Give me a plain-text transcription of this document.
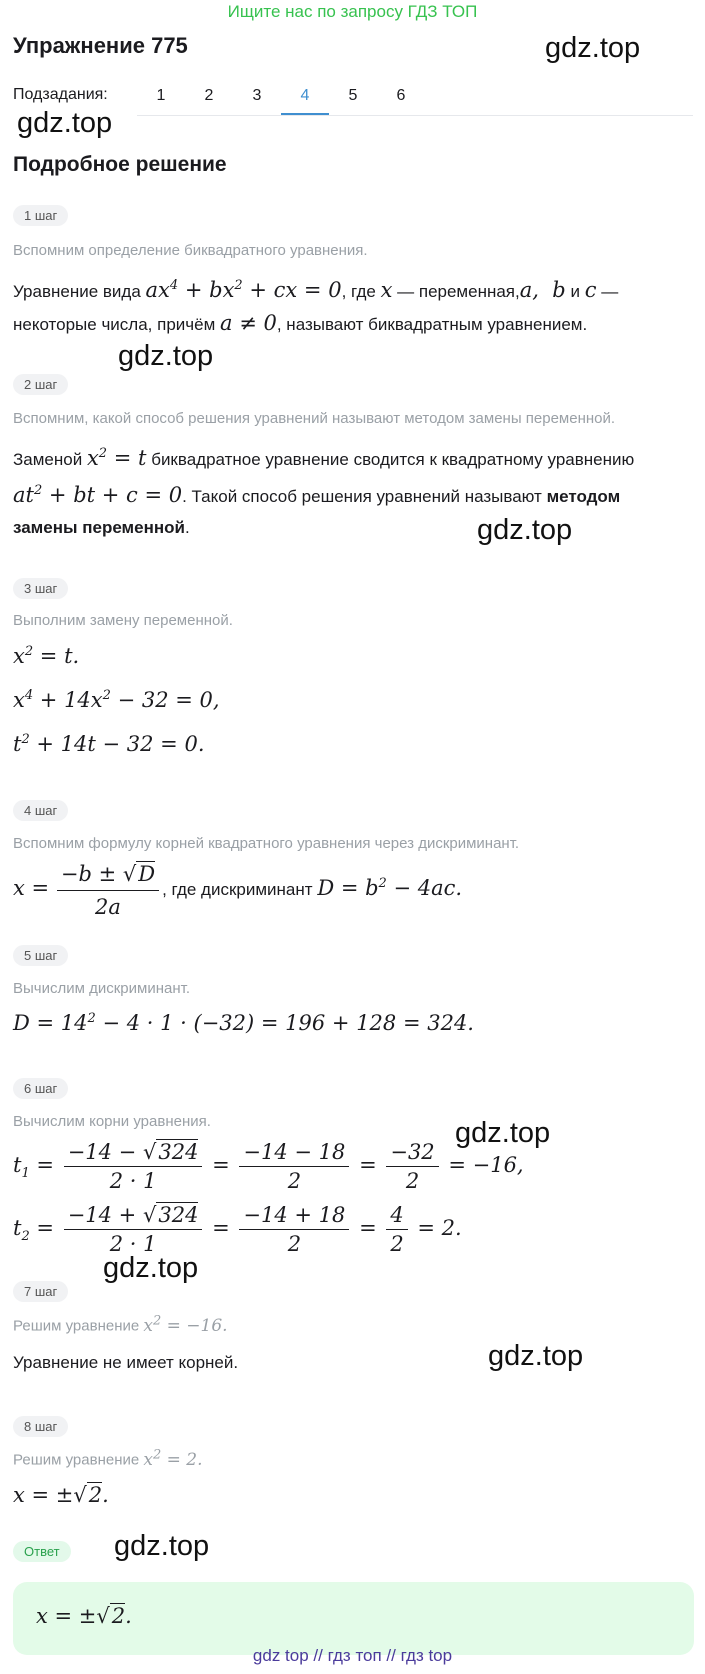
Ищите нас по запросу ГДЗ ТОП
Упражнение 775	gdz.top
Подзадания:	1	2	3	4	5	6
gdz.top
Подробное решение
1 шаг
Вспомним определение биквадратного уравнения.
Уравнение вида $ax^4 + bx^2$ + cx = 0, где x — переменная,a,  b и c —
некоторые числа, причём a ≠ 0, называют биквадратным уравнением.
gdz.top
2 шаг
Вспомним, какой способ решения уравнений называют методом замены переменной.
Заменой $x^2 = t$ биквадратное уравнение сводится к квадратному уравнению
$at^2$ + bt + c = 0. Такой способ решения уравнений называют методом
замены переменной.	gdz.top
3 шаг
Выполним замену переменной.
$x^2 = t$.
$x^4 + 14x^2 - 32 = 0$,
$t^2 + 14t - 32 = 0$.
4 шаг
Вспомним формулу корней квадратного уравнения через дискриминант.
$x = \frac{-b \pm √D}{2a}$ , где дискриминант $D = b^2 - 4ac$.
5 шаг
Вычислим дискриминант.
$D = 14^2 - 4 \cdot 1 \cdot (-32) = 196 + 128 = 324$.
6 шаг
Вычислим корни уравнения.	gdz.top
$t_1 = \frac{-14 - √324}{2 \cdot 1} = \frac{-14 - 18}{2} = \frac{-32}{2} = -16$,
$t_2 = \frac{-14 + √324}{2 \cdot 1} = \frac{-14 + 18}{2} = \frac{4}{2} = 2$.
gdz.top
7 шаг
Решим уравнение $x^2 = -16$.
Уравнение не имеет корней.	gdz.top
8 шаг
Решим уравнение $x^2 = 2$.
x = ±√2.
Ответ	gdz.top
x = ±√2.
gdz top // гдз топ // гдз top
